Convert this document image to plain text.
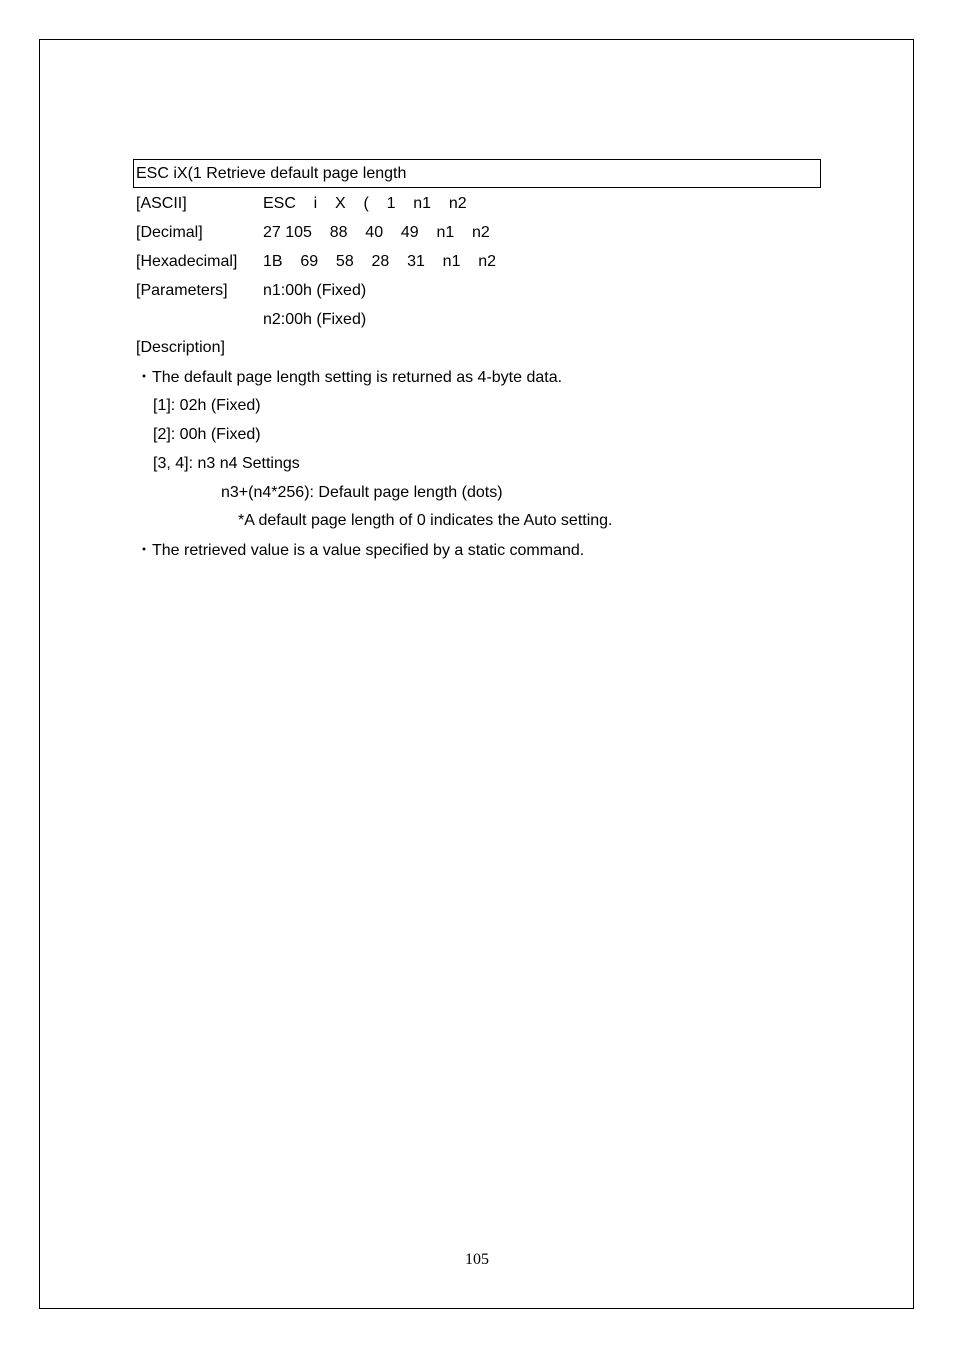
ESC iX(1 Retrieve default page length

[ASCII]

	ESC    i    X    (    1    n1    n2

[Decimal]

	27 105    88    40    49    n1    n2

[Hexadecimal]

1B    69    58    28    31    n1    n2

[Parameters]

n1:00h (Fixed)

n2:00h (Fixed)

[Description]
・The default page length setting is returned as 4-byte data.
[1]: 02h (Fixed)
[2]: 00h (Fixed)
[3, 4]: n3 n4 Settings
n3+(n4*256): Default page length (dots)
*A default page length of 0 indicates the Auto setting.
・The retrieved value is a value specified by a static command.
105
